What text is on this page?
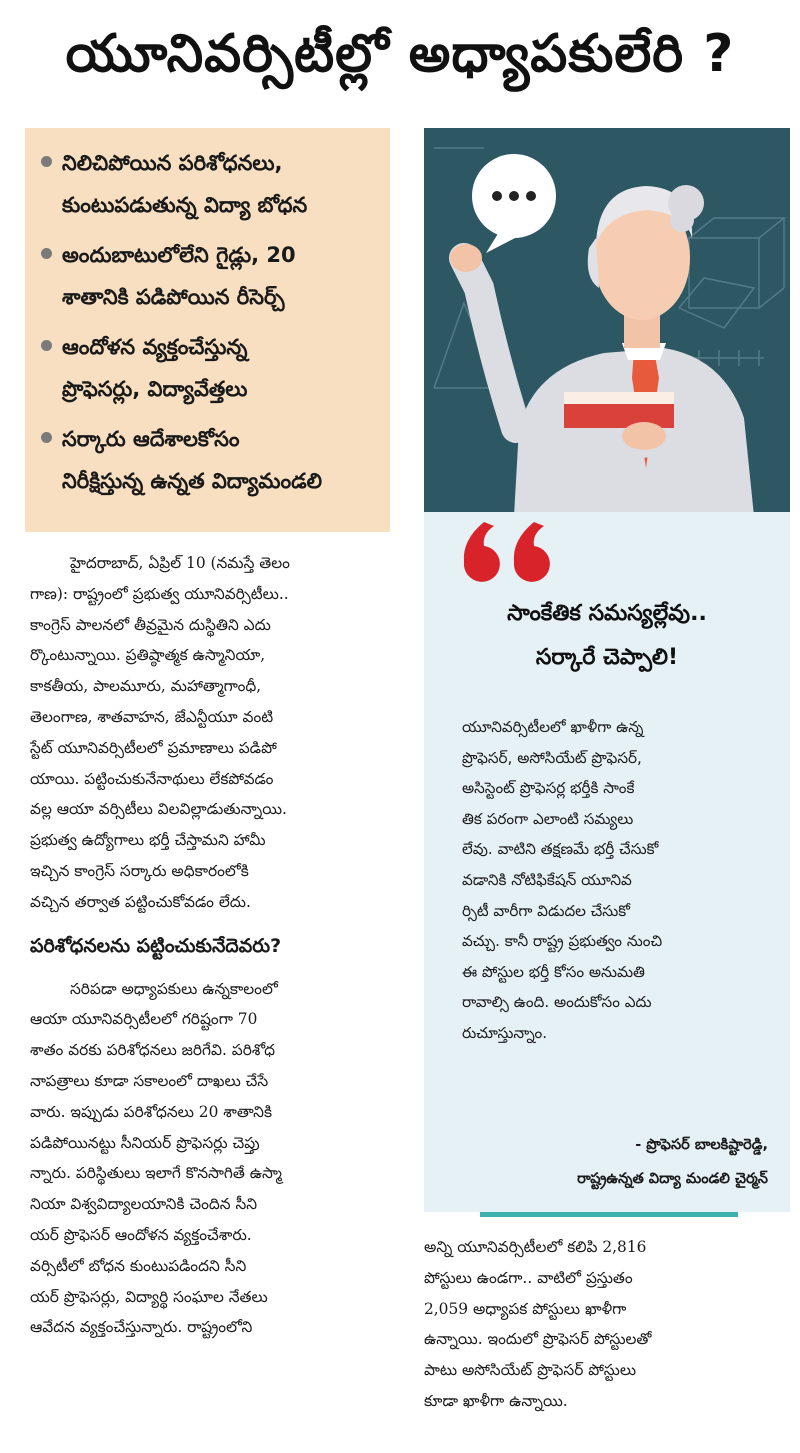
యూనివర్సిటీల్లో అధ్యాపకులేరి ?
నిలిచిపోయిన పరిశోధనలు,
కుంటుపడుతున్న విద్యా బోధన
అందుబాటులోలేని గైడ్లు, 20
శాతానికి పడిపోయిన రీసెర్చ్
ఆందోళన వ్యక్తంచేస్తున్న
ప్రొఫెసర్లు, విద్యావేత్తలు
సర్కారు ఆదేశాలకోసం
నిరీక్షిస్తున్న ఉన్నత విద్యామండలి

హైదరాబాద్, ఏప్రిల్ 10 (నమస్తే తెలం
గాణ): రాష్ట్రంలో ప్రభుత్వ యూనివర్సిటీలు..
కాంగ్రెస్ పాలనలో తీవ్రమైన దుస్థితిని ఎదు
ర్కొంటున్నాయి. ప్రతిష్ఠాత్మక ఉస్మానియా,
కాకతీయ, పాలమూరు, మహాత్మాగాంధీ,
తెలంగాణ, శాతవాహన, జేఎన్టీయూ వంటి
స్టేట్ యూనివర్సిటీలలో ప్రమాణాలు పడిపో
యాయి. పట్టించుకునేనాథులు లేకపోవడం
వల్ల ఆయా వర్సిటీలు విలవిల్లాడుతున్నాయి.
ప్రభుత్వ ఉద్యోగాలు భర్తీ చేస్తామని హామీ
ఇచ్చిన కాంగ్రెస్ సర్కారు అధికారంలోకి
వచ్చిన తర్వాత పట్టించుకోవడం లేదు.

పరిశోధనలను పట్టించుకునేదెవరు?

సరిపడా అధ్యాపకులు ఉన్నకాలంలో
ఆయా యూనివర్సిటీలలో గరిష్టంగా 70
శాతం వరకు పరిశోధనలు జరిగేవి. పరిశోధ
నాపత్రాలు కూడా సకాలంలో దాఖలు చేసే
వారు. ఇప్పుడు పరిశోధనలు 20 శాతానికి
పడిపోయినట్టు సీనియర్ ప్రొఫెసర్లు చెప్తు
న్నారు. పరిస్థితులు ఇలాగే కొనసాగితే ఉస్మా
నియా విశ్వవిద్యాలయానికి చెందిన సీని
యర్ ప్రొఫెసర్ ఆందోళన వ్యక్తంచేశారు.
వర్సిటీలో బోధన కుంటుపడిందని సీని
యర్ ప్రొఫెసర్లు, విద్యార్థి సంఘాల నేతలు
ఆవేదన వ్యక్తంచేస్తున్నారు. రాష్ట్రంలోని

సాంకేతిక సమస్యల్లేవు..
సర్కారే చెప్పాలి!
యూనివర్సిటీలలో ఖాళీగా ఉన్న
ప్రొఫెసర్, అసోసియేట్ ప్రొఫెసర్,
అసిస్టెంట్ ప్రొఫెసర్ల భర్తీకి సాంకే
తిక పరంగా ఎలాంటి సమ్యలు
లేవు. వాటిని తక్షణమే భర్తీ చేసుకో
వడానికి నోటిఫికేషన్ యూనివ
ర్సిటీ వారీగా విడుదల చేసుకో
వచ్చు. కానీ రాష్ట్ర ప్రభుత్వం నుంచి
ఈ పోస్టుల భర్తీ కోసం అనుమతి
రావాల్సి ఉంది. అందుకోసం ఎదు
రుచూస్తున్నాం.
- ప్రొఫెసర్ బాలకిష్టారెడ్డి,
రాష్ట్రఉన్నత విద్యా మండలి చైర్మన్
అన్ని యూనివర్సిటీలలో కలిపి 2,816
పోస్టులు ఉండగా.. వాటిలో ప్రస్తుతం
2,059 అధ్యాపక పోస్టులు ఖాళీగా
ఉన్నాయి. ఇందులో ప్రొఫెసర్ పోస్టులతో
పాటు అసోసియేట్ ప్రొఫెసర్ పోస్టులు
కూడా ఖాళీగా ఉన్నాయి.
